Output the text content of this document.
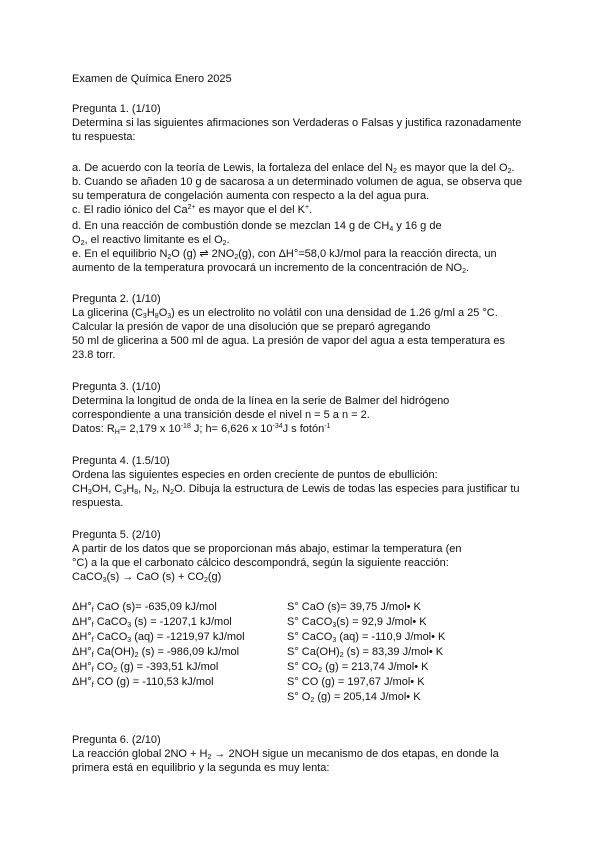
Examen de Química Enero 2025
Pregunta 1. (1/10)
Determina si las siguientes afirmaciones son Verdaderas o Falsas y justifica razonadamente
tu respuesta:
a. De acuerdo con la teoría de Lewis, la fortaleza del enlace del $N_2$ es mayor que la del $O_2$.
b. Cuando se añaden 10 g de sacarosa a un determinado volumen de agua, se observa que
su temperatura de congelación aumenta con respecto a la del agua pura.
c. El radio iónico del $Ca^{2+}$ es mayor que el del K+.
d. En una reacción de combustión donde se mezclan 14 g de $CH_4$ y 16 g de
$O_2$, el reactivo limitante es el $O_2$.
e. En el equilibrio $N_2O$ (g) ⇌ $2NO_2(g)$, con ΔH°=58,0 kJ/mol para la reacción directa, un
aumento de la temperatura provocará un incremento de la concentración de $NO_2$.
Pregunta 2. (1/10)
La glicerina $(C_3H_8O_3)$ es un electrolito no volátil con una densidad de 1.26 g/ml a 25 °C.
Calcular la presión de vapor de una disolución que se preparó agregando
50 ml de glicerina a 500 ml de agua. La presión de vapor del agua a esta temperatura es
23.8 torr.
Pregunta 3. (1/10)
Determina la longitud de onda de la línea en la serie de Balmer del hidrógeno
correspondiente a una transición desde el nivel n = 5 a n = 2.
Datos: $R_H= 2,179$ x $10^{-18}$ J; h= 6,626 x $10^{-34}J$ s fotón$^{-1}$
Pregunta 4. (1.5/10)
Ordena las siguientes especies en orden creciente de puntos de ebullición:
$CH_3OH$, $C_3H_8$, $N_2$, $N_2O$. Dibuja la estructura de Lewis de todas las especies para justificar tu
respuesta.
Pregunta 5. (2/10)
A partir de los datos que se proporcionan más abajo, estimar la temperatura (en
°C) a la que el carbonato cálcico descompondrá, según la siguiente reacción:
CaCO$_3$(s) → CaO $(s) + CO_2(g)$
$\Delta H^\circ_f$ CaO (s)= -635,09 kJ/mol
$\Delta H^\circ_f$ CaCO$_3$ (s) = -1207,1 kJ/mol
$\Delta H^\circ_f$ CaCO$_3$ (aq) = -1219,97 kJ/mol
$\Delta H^\circ_f$ $Ca(OH)_2$ (s) = -986,09 kJ/mol
$\Delta H^\circ_f$ $CO_2$ (g) = -393,51 kJ/mol
$\Delta H^\circ_f$ CO (g) = -110,53 kJ/mol
S° CaO (s)= 39,75 J/mol• K
S° CaCO$_3$(s) = 92,9 J/mol• K
S° CaCO$_3$ (aq) = -110,9 J/mol• K
S° $Ca(OH)_2$ (s) = 83,39 J/mol• K
S° $CO_2$ (g) = 213,74 J/mol• K
S° CO (g) = 197,67 J/mol• K
S° $O_2$ (g) = 205,14 J/mol• K
Pregunta 6. (2/10)
La reacción global $2NO + H_2 \to 2NOH$ sigue un mecanismo de dos etapas, en donde la
primera está en equilibrio y la segunda es muy lenta:
